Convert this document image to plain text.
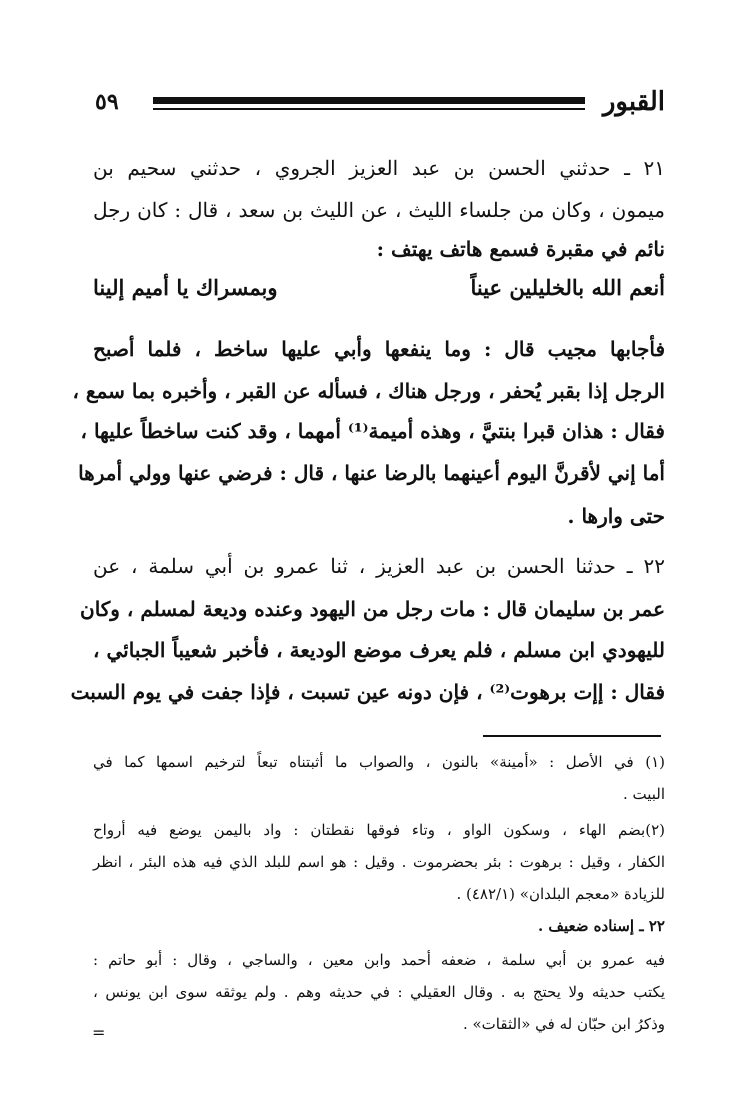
القبور
٥٩
٢١ ـ حدثني الحسن بن عبد العزيز الجروي ، حدثني سحيم بن
ميمون ، وكان من جلساء الليث ، عن الليث بن سعد ، قال : كان رجل
نائم في مقبرة فسمع هاتف يهتف :
أنعم الله بالخليلين عيناً
وبمسراك يا أميم إلينا
فأجابها مجيب قال : وما ينفعها وأبي عليها ساخط ، فلما أصبح
الرجل إذا بقبر يُحفر ، ورجل هناك ، فسأله عن القبر ، وأخبره بما سمع ،
فقال : هذان قبرا بنتيَّ ، وهذه أميمة⁽¹⁾ أمهما ، وقد كنت ساخطاً عليها ،
أما إني لأقرنَّ اليوم أعينهما بالرضا عنها ، قال : فرضي عنها وولي أمرها
حتى وارها .
٢٢ ـ حدثنا الحسن بن عبد العزيز ، ثنا عمرو بن أبي سلمة ، عن
عمر بن سليمان قال : مات رجل من اليهود وعنده وديعة لمسلم ، وكان
لليهودي ابن مسلم ، فلم يعرف موضع الوديعة ، فأخبر شعيباً الجبائي ،
فقال : إإت برهوت⁽²⁾ ، فإن دونه عين تسبت ، فإذا جفت في يوم السبت
(١) في الأصل : «أمينة» بالنون ، والصواب ما أثبتناه تبعاً لترخيم اسمها كما في
البيت .
(٢)بضم الهاء ، وسكون الواو ، وتاء فوقها نقطتان : واد باليمن يوضع فيه أرواح
الكفار ، وقيل : برهوت : بئر بحضرموت . وقيل : هو اسم للبلد الذي فيه هذه البئر ، انظر
للزيادة «معجم البلدان» (٤٨٢/١) .
٢٢ ـ إسناده ضعيف .
فيه عمرو بن أبي سلمة ، ضعفه أحمد وابن معين ، والساجي ، وقال : أبو حاتم :
يكتب حديثه ولا يحتج به . وقال العقيلي : في حديثه وهم . ولم يوثقه سوى ابن يونس ،
وذكرُ ابن حبّان له في «الثقات» .
=
